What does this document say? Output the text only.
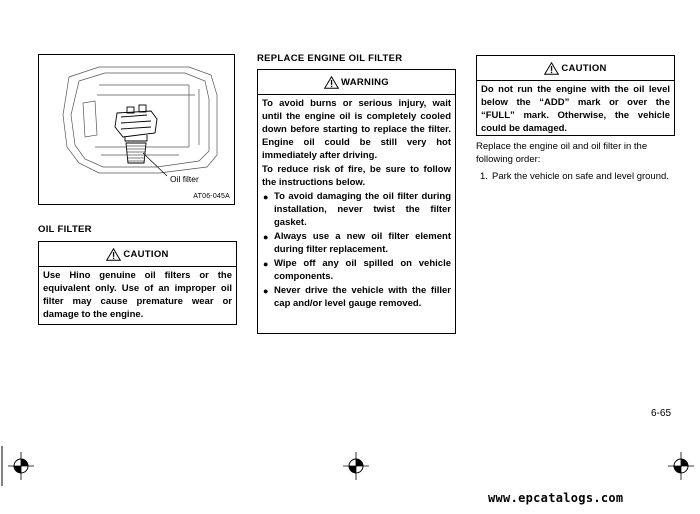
Oil filter
AT06-045A
OIL FILTER
CAUTION
Use Hino genuine oil filters or the equivalent only. Use of an improper oil filter may cause premature wear or damage to the engine.
REPLACE ENGINE OIL FILTER
WARNING

To avoid burns or serious injury, wait until the engine oil is completely cooled down before starting to replace the filter. Engine oil could be still very hot immediately after driving.

To reduce risk of fire, be sure to follow the instructions below.

● To avoid damaging the oil filter during installation, never twist the filter gasket.
● Always use a new oil filter element during filter replacement.
● Wipe off any oil spilled on vehicle components.
● Never drive the vehicle with the filler cap and/or level gauge removed.
CAUTION
Do not run the engine with the oil level below the “ADD” mark or over the “FULL” mark. Otherwise, the vehicle could be damaged.
Replace the engine oil and oil filter in the following order:
1. Park the vehicle on safe and level ground.
6-65
www.epcatalogs.com
